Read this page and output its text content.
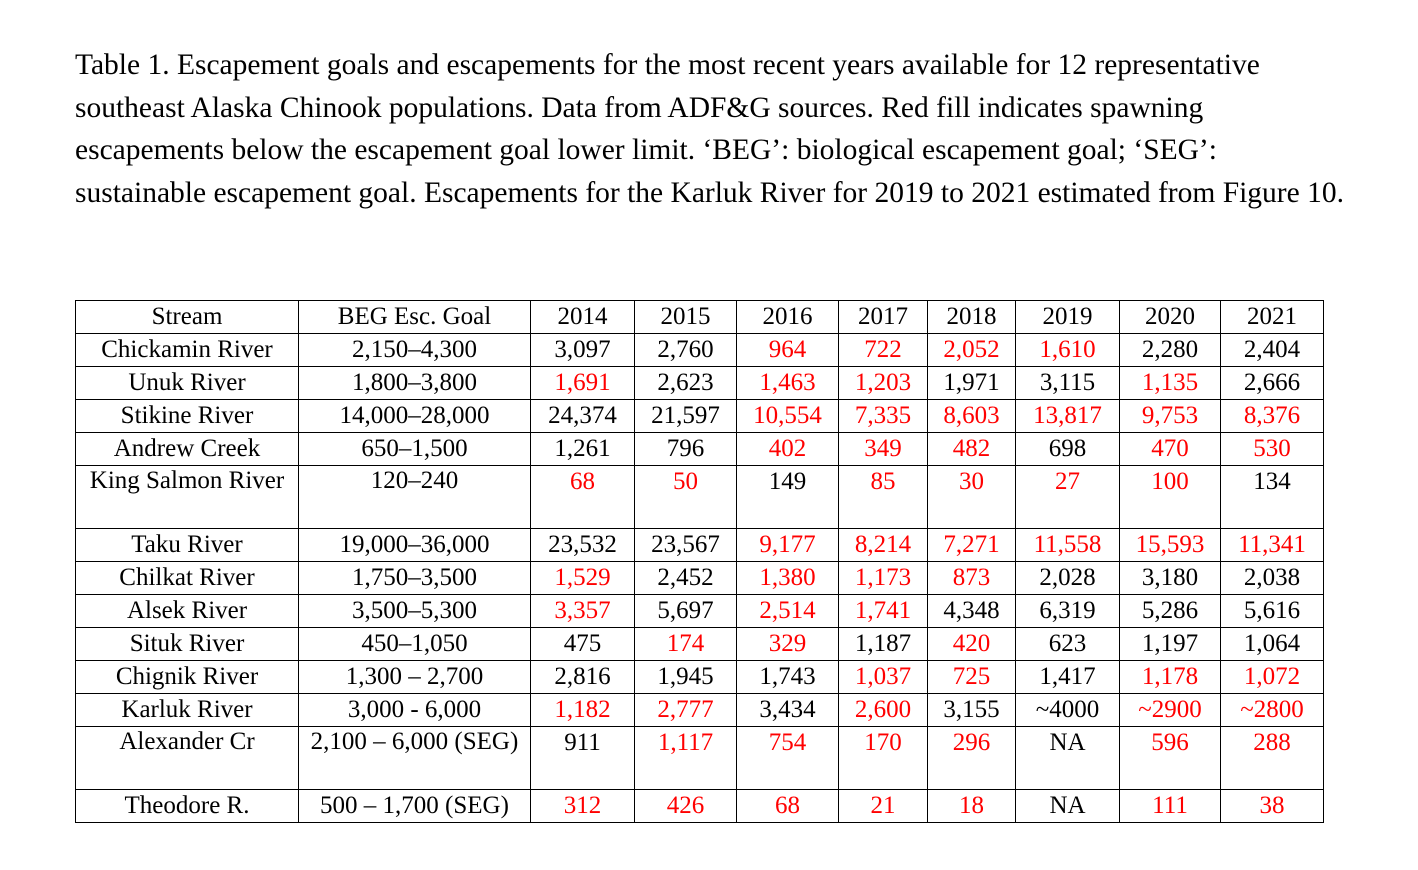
Table 1. Escapement goals and escapements for the most recent years available for 12 representative southeast Alaska Chinook populations. Data from ADF&G sources. Red fill indicates spawning escapements below the escapement goal lower limit. ‘BEG’: biological escapement goal; ‘SEG’: sustainable escapement goal. Escapements for the Karluk River for 2019 to 2021 estimated from Figure 10.

Stream	BEG Esc. Goal	2014	2015	2016	2017	2018	2019	2020	2021
Chickamin River	2,150–4,300	3,097	2,760	964	722	2,052	1,610	2,280	2,404
Unuk River	1,800–3,800	1,691	2,623	1,463	1,203	1,971	3,115	1,135	2,666
Stikine River	14,000–28,000	24,374	21,597	10,554	7,335	8,603	13,817	9,753	8,376
Andrew Creek	650–1,500	1,261	796	402	349	482	698	470	530
King Salmon River	120–240	68	50	149	85	30	27	100	134
Taku River	19,000–36,000	23,532	23,567	9,177	8,214	7,271	11,558	15,593	11,341
Chilkat River	1,750–3,500	1,529	2,452	1,380	1,173	873	2,028	3,180	2,038
Alsek River	3,500–5,300	3,357	5,697	2,514	1,741	4,348	6,319	5,286	5,616
Situk River	450–1,050	475	174	329	1,187	420	623	1,197	1,064
Chignik River	1,300 – 2,700	2,816	1,945	1,743	1,037	725	1,417	1,178	1,072
Karluk River	3,000 - 6,000	1,182	2,777	3,434	2,600	3,155	~4000	~2900	~2800
Alexander Cr	2,100 – 6,000 (SEG)	911	1,117	754	170	296	NA	596	288
Theodore R.	500 – 1,700 (SEG)	312	426	68	21	18	NA	111	38
